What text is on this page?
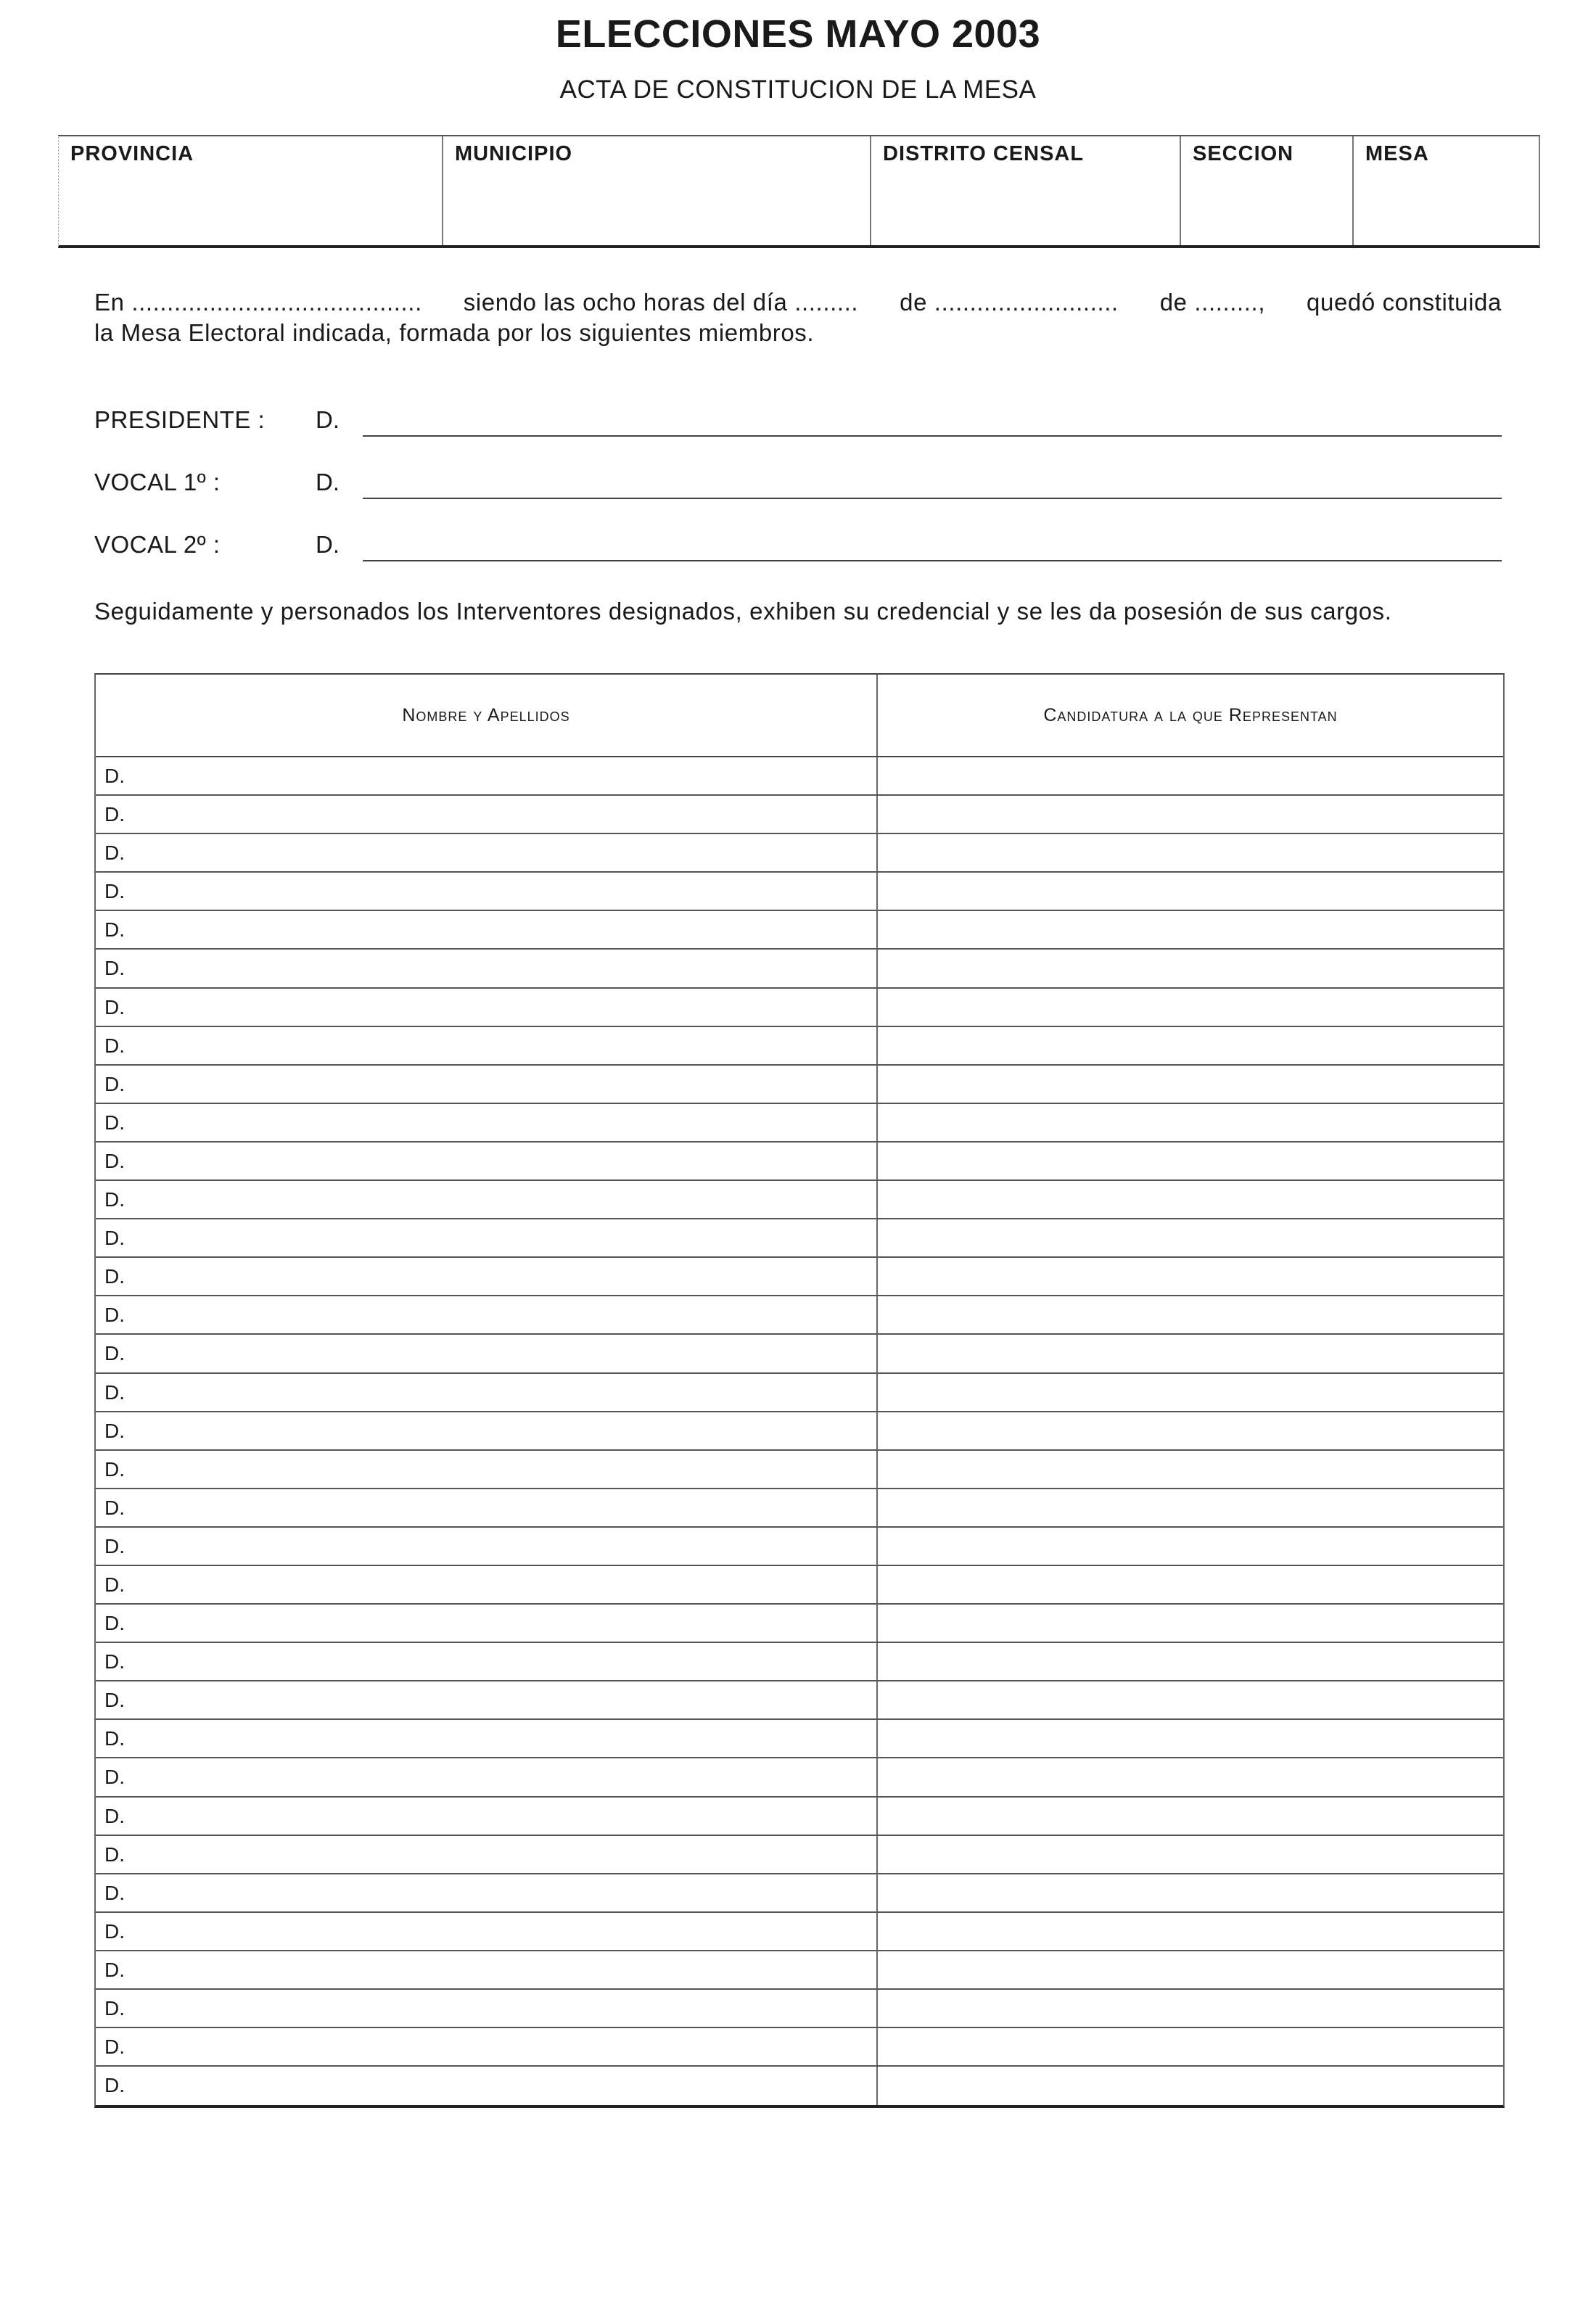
ELECCIONES MAYO 2003
ACTA DE CONSTITUCION DE LA MESA
PROVINCIA	MUNICIPIO	DISTRITO CENSAL	SECCION	MESA
En ......................................... siendo las ocho horas del día ......... de .......................... de ........., quedó constituida
la Mesa Electoral indicada, formada por los siguientes miembros.
PRESIDENTE : D.
VOCAL 1º :	D.
VOCAL 2º :	D.
Seguidamente y personados los Interventores designados, exhiben su credencial y se les da posesión de sus cargos.
Nombre y Apellidos	Candidatura a la que Representan
D.
D.
D.
D.
D.
D.
D.
D.
D.
D.
D.
D.
D.
D.
D.
D.
D.
D.
D.
D.
D.
D.
D.
D.
D.
D.
D.
D.
D.
D.
D.
D.
D.
D.
D.
